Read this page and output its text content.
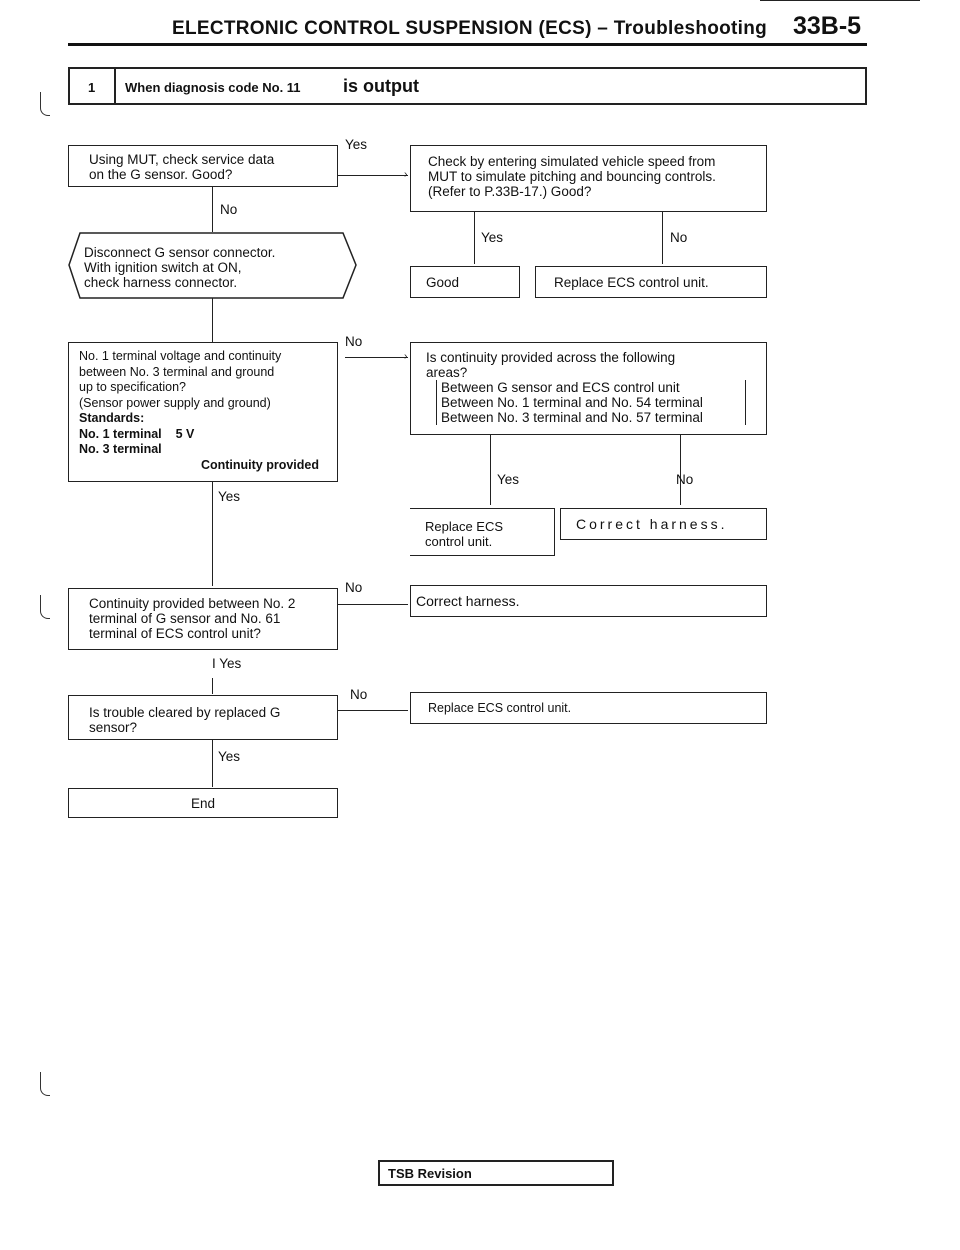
ELECTRONIC CONTROL SUSPENSION (ECS) – Troubleshooting 33B-5
1 When diagnosis code No. 11 is output
Using MUT, check service data
on the G sensor. Good?
Yes
›
Check by entering simulated vehicle speed from
MUT to simulate pitching and bouncing controls.
(Refer to P.33B-17.) Good?
Yes	No
Good	Replace ECS control unit.
No
Disconnect G sensor connector.
With ignition switch at ON,
check harness connector.
No. 1 terminal voltage and continuity
between No. 3 terminal and ground
up to specification?
(Sensor power supply and ground)
Standards:
No. 1 terminal 5 V
No. 3 terminal
Continuity provided
No
› Is continuity provided across the following
areas?
Between G sensor and ECS control unit
Between No. 1 terminal and No. 54 terminal
Between No. 3 terminal and No. 57 terminal
Yes	No
Replace ECS
control unit.
Correct harness.
Yes
Continuity provided between No. 2
terminal of G sensor and No. 61
terminal of ECS control unit?
No
Correct harness.
I Yes
Is trouble cleared by replaced G
sensor?
No
Replace ECS control unit.
Yes
End
TSB Revision
